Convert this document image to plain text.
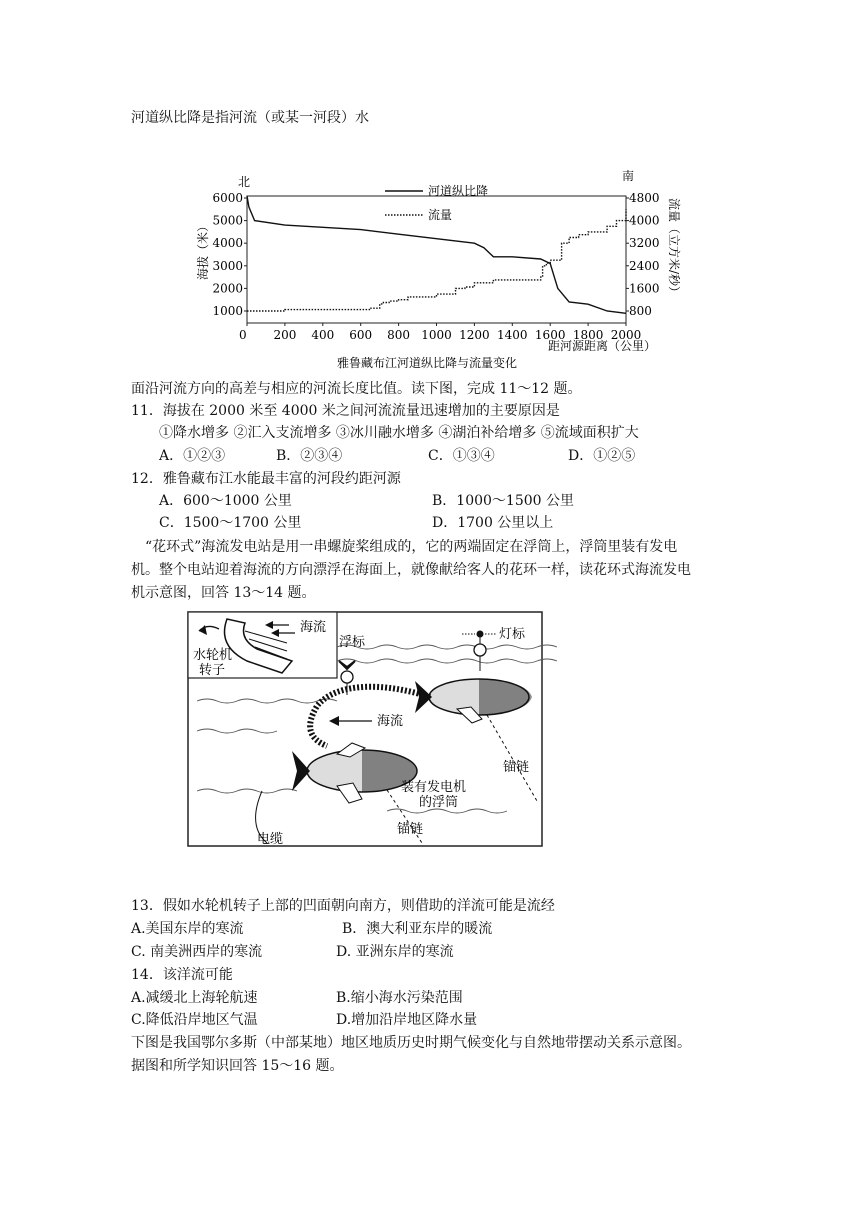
河道纵比降是指河流（或某一河段）水
0 200 400 600 800 1000 1200 1400 1600 1800 2000
1000
2000
3000
4000
5000
6000
800
1600
2400
3200
4000
4800
河道纵比降
流量
北	南
海拔（米）	流量（立方米/秒）
距河源距离（公里）
雅鲁藏布江河道纵比降与流量变化
面沿河流方向的高差与相应的河流长度比值。读下图，完成 11～12 题。
11．海拔在 2000 米至 4000 米之间河流流量迅速增加的主要原因是
①降水增多 ②汇入支流增多 ③冰川融水增多 ④湖泊补给增多 ⑤流域面积扩大
A．①②③	B．②③④	C．①③④	D．①②⑤
12．雅鲁藏布江水能最丰富的河段约距河源
A．600～1000 公里	B．1000～1500 公里
C．1500～1700 公里	D．1700 公里以上
“花环式”海流发电站是用一串螺旋桨组成的，它的两端固定在浮筒上，浮筒里装有发电
机。整个电站迎着海流的方向漂浮在海面上，就像献给客人的花环一样，读花环式海流发电
机示意图，回答 13～14 题。
海流
水轮机
转子
浮标
灯标
海流
锚链
装有发电机
的浮筒
锚链
电缆
13．假如水轮机转子上部的凹面朝向南方，则借助的洋流可能是流经
A.美国东岸的寒流	B．澳大利亚东岸的暖流
C. 南美洲西岸的寒流	D. 亚洲东岸的寒流
14．该洋流可能
A.减缓北上海轮航速	B.缩小海水污染范围
C.降低沿岸地区气温	D.增加沿岸地区降水量
下图是我国鄂尔多斯（中部某地）地区地质历史时期气候变化与自然地带摆动关系示意图。
据图和所学知识回答 15～16 题。
